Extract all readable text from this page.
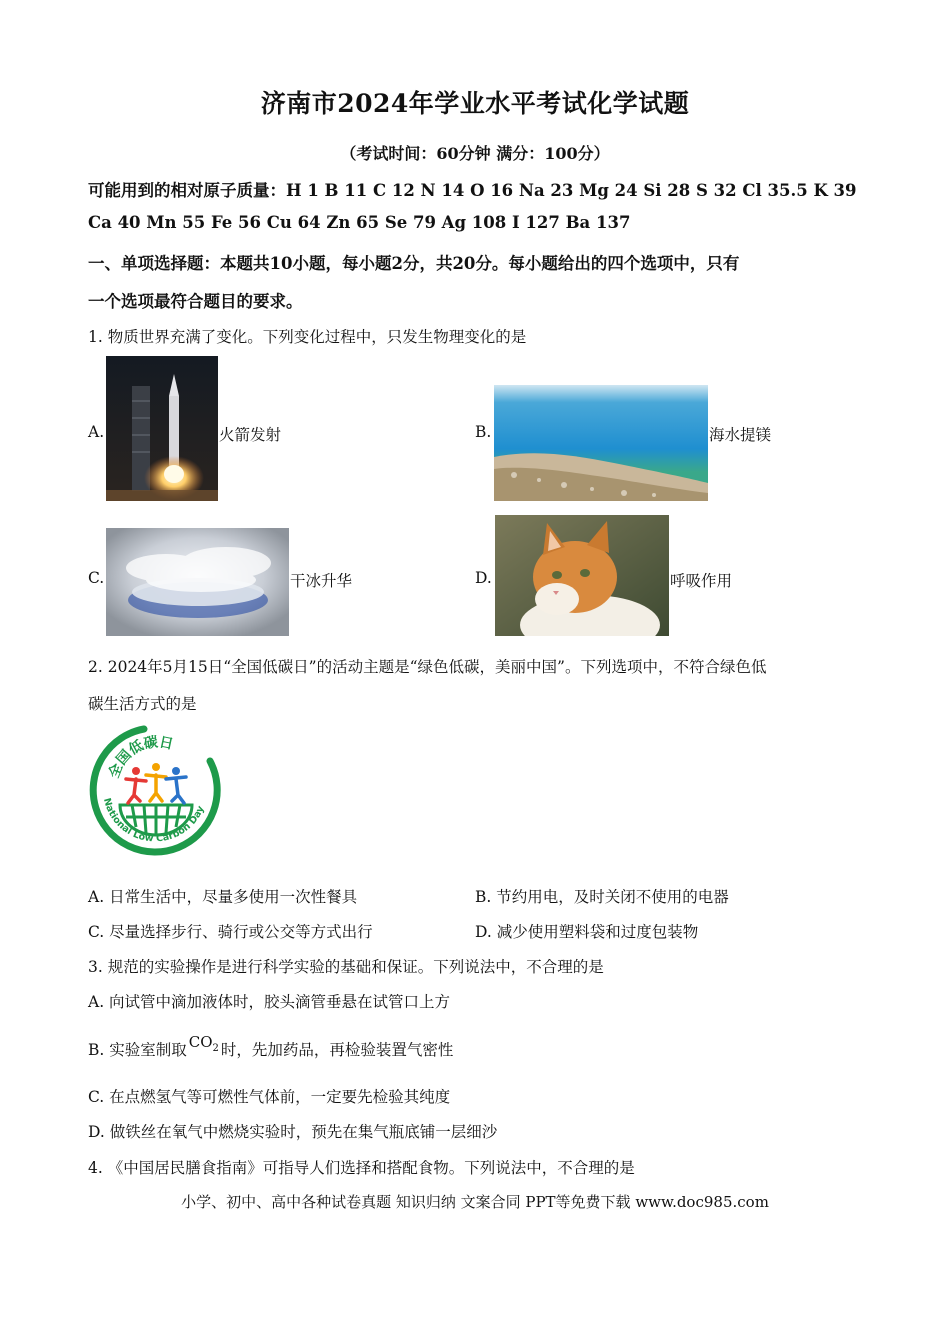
济南市2024年学业水平考试化学试题
（考试时间：60分钟 满分：100分）
可能用到的相对原子质量：H 1 B 11 C 12 N 14 O 16 Na 23 Mg 24 Si 28 S 32 Cl 35.5 K 39
Ca 40 Mn 55 Fe 56 Cu 64 Zn 65 Se 79 Ag 108 I 127 Ba 137
一、单项选择题：本题共10小题，每小题2分，共20分。每小题给出的四个选项中，只有
一个选项最符合题目的要求。
1. 物质世界充满了变化。下列变化过程中，只发生物理变化的是
A.	火箭发射	B.	海水提镁
C.	干冰升华	D.	呼吸作用
2. 2024年5月15日“全国低碳日”的活动主题是“绿色低碳，美丽中国”。下列选项中，不符合绿色低
碳生活方式的是
全国低碳日
National Low Carbon Day
A. 日常生活中，尽量多使用一次性餐具	B. 节约用电，及时关闭不使用的电器
C. 尽量选择步行、骑行或公交等方式出行	D. 减少使用塑料袋和过度包装物
3. 规范的实验操作是进行科学实验的基础和保证。下列说法中，不合理的是
A. 向试管中滴加液体时，胶头滴管垂悬在试管口上方
B. 实验室制取 $CO_2$ 时，先加药品，再检验装置气密性
C. 在点燃氢气等可燃性气体前，一定要先检验其纯度
D. 做铁丝在氧气中燃烧实验时，预先在集气瓶底铺一层细沙
4. 《中国居民膳食指南》可指导人们选择和搭配食物。下列说法中，不合理的是
小学、初中、高中各种试卷真题 知识归纳 文案合同 PPT等免费下载 www.doc985.com
